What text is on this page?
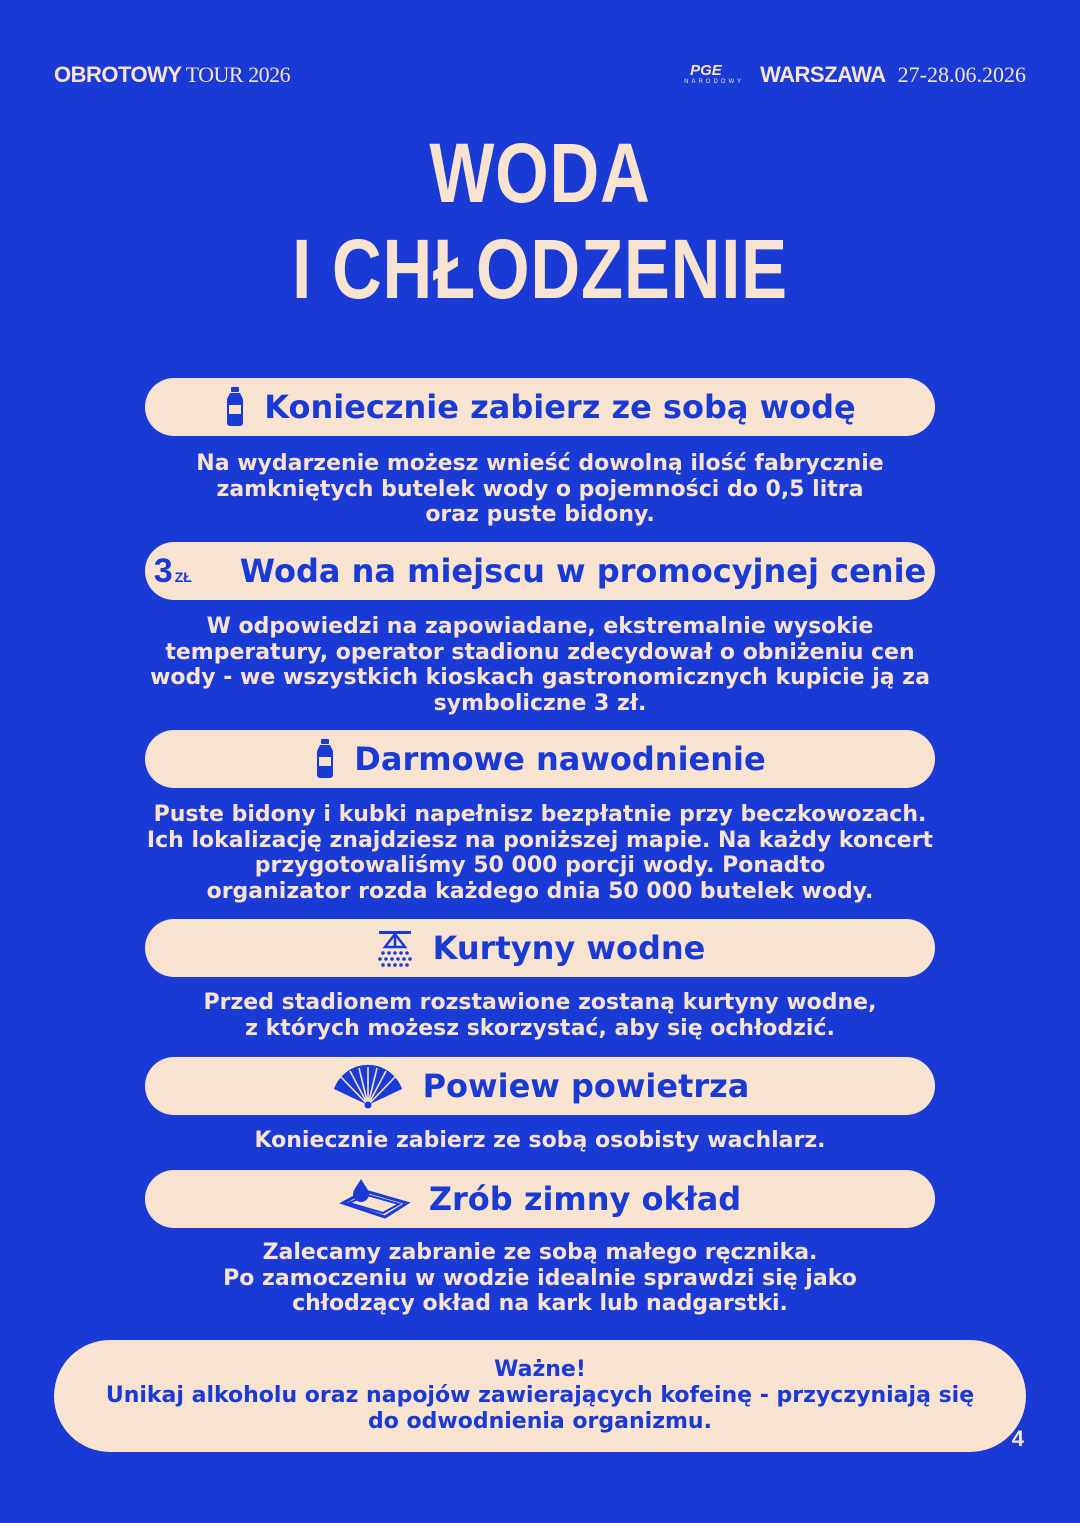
OBROTOWY TOUR 2026	PGE
NARODOWY WARSZAWA 27-28.06.2026
WODA
I CHŁODZENIE
Koniecznie zabierz ze sobą wodę
Na wydarzenie możesz wnieść dowolną ilość fabrycznie
zamkniętych butelek wody o pojemności do 0,5 litra
oraz puste bidony.
3 ZŁ Woda na miejscu w promocyjnej cenie
W odpowiedzi na zapowiadane, ekstremalnie wysokie
temperatury, operator stadionu zdecydował o obniżeniu cen
wody - we wszystkich kioskach gastronomicznych kupicie ją za
symboliczne 3 zł.
Darmowe nawodnienie
Puste bidony i kubki napełnisz bezpłatnie przy beczkowozach.
Ich lokalizację znajdziesz na poniższej mapie. Na każdy koncert
przygotowaliśmy 50 000 porcji wody. Ponadto
organizator rozda każdego dnia 50 000 butelek wody.
Kurtyny wodne
Przed stadionem rozstawione zostaną kurtyny wodne,
z których możesz skorzystać, aby się ochłodzić.
Powiew powietrza
Koniecznie zabierz ze sobą osobisty wachlarz.
Zrób zimny okład
Zalecamy zabranie ze sobą małego ręcznika.
Po zamoczeniu w wodzie idealnie sprawdzi się jako
chłodzący okład na kark lub nadgarstki.
Ważne!
Unikaj alkoholu oraz napojów zawierających kofeinę - przyczyniają się
do odwodnienia organizmu.
4
